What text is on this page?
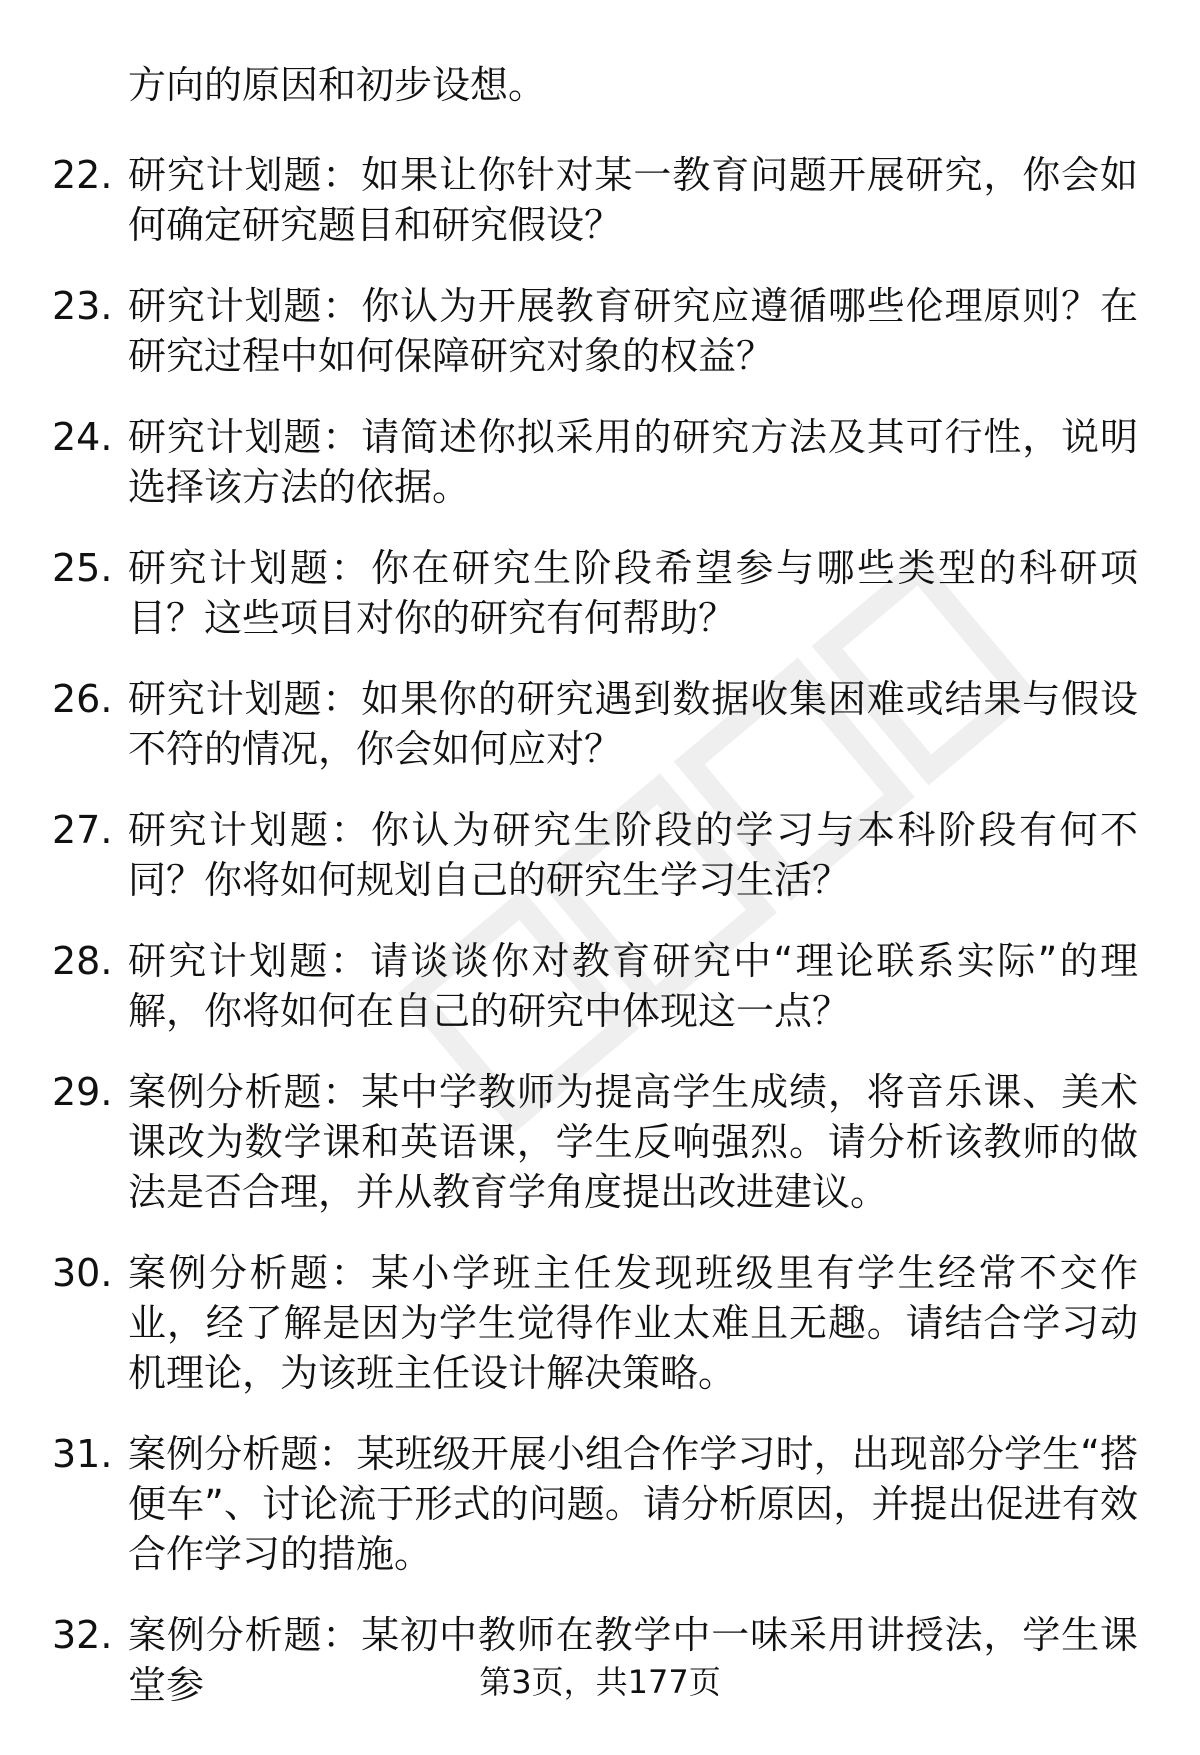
方向的原因和初步设想。

22. 研究计划题：如果让你针对某一教育问题开展研究，你会如何确定研究题目和研究假设？
23. 研究计划题：你认为开展教育研究应遵循哪些伦理原则？在研究过程中如何保障研究对象的权益？
24. 研究计划题：请简述你拟采用的研究方法及其可行性，说明选择该方法的依据。
25. 研究计划题：你在研究生阶段希望参与哪些类型的科研项目？这些项目对你的研究有何帮助？
26. 研究计划题：如果你的研究遇到数据收集困难或结果与假设不符的情况，你会如何应对？
27. 研究计划题：你认为研究生阶段的学习与本科阶段有何不同？你将如何规划自己的研究生学习生活？
28. 研究计划题：请谈谈你对教育研究中“理论联系实际”的理解，你将如何在自己的研究中体现这一点？
29. 案例分析题：某中学教师为提高学生成绩，将音乐课、美术课改为数学课和英语课，学生反响强烈。请分析该教师的做法是否合理，并从教育学角度提出改进建议。
30. 案例分析题：某小学班主任发现班级里有学生经常不交作业，经了解是因为学生觉得作业太难且无趣。请结合学习动机理论，为该班主任设计解决策略。
31. 案例分析题：某班级开展小组合作学习时，出现部分学生“搭便车”、讨论流于形式的问题。请分析原因，并提出促进有效合作学习的措施。
32. 案例分析题：某初中教师在教学中一味采用讲授法，学生课堂参	第3页，共177页
